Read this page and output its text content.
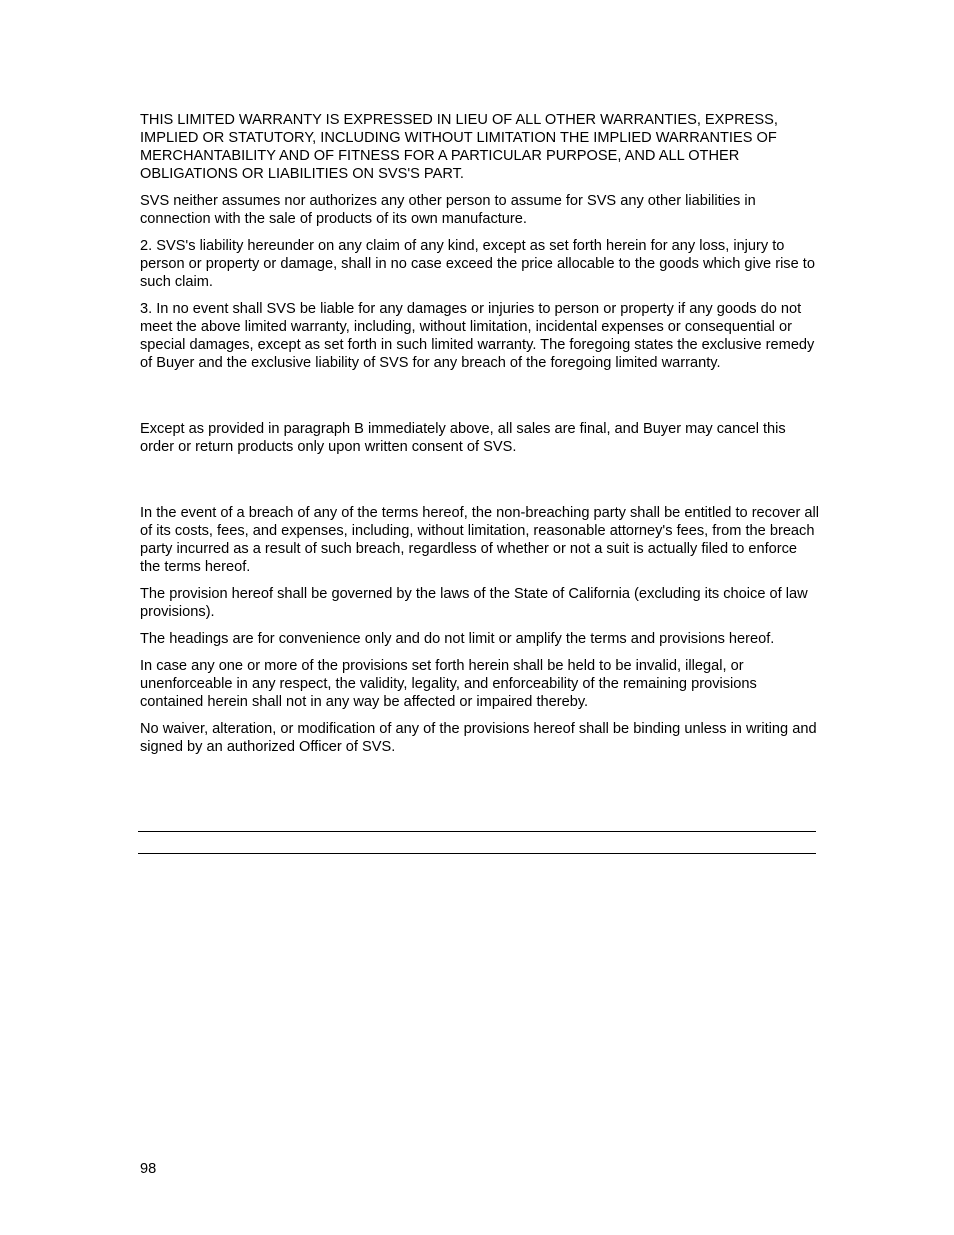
THIS LIMITED WARRANTY IS EXPRESSED IN LIEU OF ALL OTHER WARRANTIES, EXPRESS, IMPLIED OR STATUTORY, INCLUDING WITHOUT LIMITATION THE IMPLIED WARRANTIES OF MERCHANTABILITY AND OF FITNESS FOR A PARTICULAR PURPOSE, AND ALL OTHER OBLIGATIONS OR LIABILITIES ON SVS'S PART.

SVS neither assumes nor authorizes any other person to assume for SVS any other liabilities in connection with the sale of products of its own manufacture.

2. SVS's liability hereunder on any claim of any kind, except as set forth herein for any loss, injury to person or property or damage, shall in no case exceed the price allocable to the goods which give rise to such claim.

3. In no event shall SVS be liable for any damages or injuries to person or property if any goods do not meet the above limited warranty, including, without limitation, incidental expenses or consequential or special damages, except as set forth in such limited warranty. The foregoing states the exclusive remedy of Buyer and the exclusive liability of SVS for any breach of the foregoing limited warranty.

Except as provided in paragraph B immediately above, all sales are final, and Buyer may cancel this order or return products only upon written consent of SVS.

In the event of a breach of any of the terms hereof, the non-breaching party shall be entitled to recover all of its costs, fees, and expenses, including, without limitation, reasonable attorney's fees, from the breach party incurred as a result of such breach, regardless of whether or not a suit is actually filed to enforce the terms hereof.

The provision hereof shall be governed by the laws of the State of California (excluding its choice of law provisions).

The headings are for convenience only and do not limit or amplify the terms and provisions hereof.

In case any one or more of the provisions set forth herein shall be held to be invalid, illegal, or unenforceable in any respect, the validity, legality, and enforceability of the remaining provisions contained herein shall not in any way be affected or impaired thereby.

No waiver, alteration, or modification of any of the provisions hereof shall be binding unless in writing and signed by an authorized Officer of SVS.

98
